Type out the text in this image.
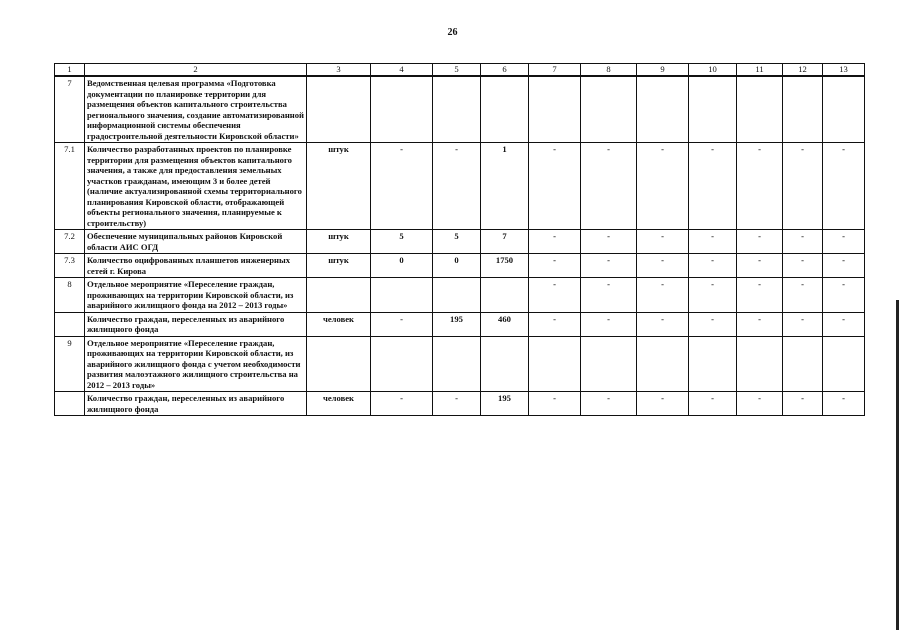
26
1	2	3	4	5	6	7	8	9	10	11	12	13
7	Ведомственная целевая программа «Подготовка документации по планировке территории для размещения объектов капитального строительства регионального значения, создание автоматизированной информационной системы обеспечения градостроительной деятельности Кировской области»											
7.1	Количество разработанных проектов по планировке территории для размещения объектов капитального значения, а также для предоставления земельных участков гражданам, имеющим 3 и более детей (наличие актуализированной схемы территориального планирования Кировской области, отображающей объекты регионального значения, планируемые к строительству)	штук	-	-	1	-	-	-	-	-	-	-
7.2	Обеспечение муниципальных районов Кировской области АИС ОГД	штук	5	5	7	-	-	-	-	-	-	-
7.3	Количество оцифрованных планшетов инженерных сетей г. Кирова	штук	0	0	1750	-	-	-	-	-	-	-
8	Отдельное мероприятие «Переселение граждан, проживающих на территории Кировской области, из аварийного жилищного фонда на 2012 – 2013 годы»					-	-	-	-	-	-	-
	Количество граждан, переселенных из аварийного жилищного фонда	человек	-	195	460	-	-	-	-	-	-	-
9	Отдельное мероприятие «Переселение граждан, проживающих на территории Кировской области, из аварийного жилищного фонда с учетом необходимости развития малоэтажного жилищного строительства на 2012 – 2013 годы»											
	Количество граждан, переселенных из аварийного жилищного фонда	человек	-	-	195	-	-	-	-	-	-	-
